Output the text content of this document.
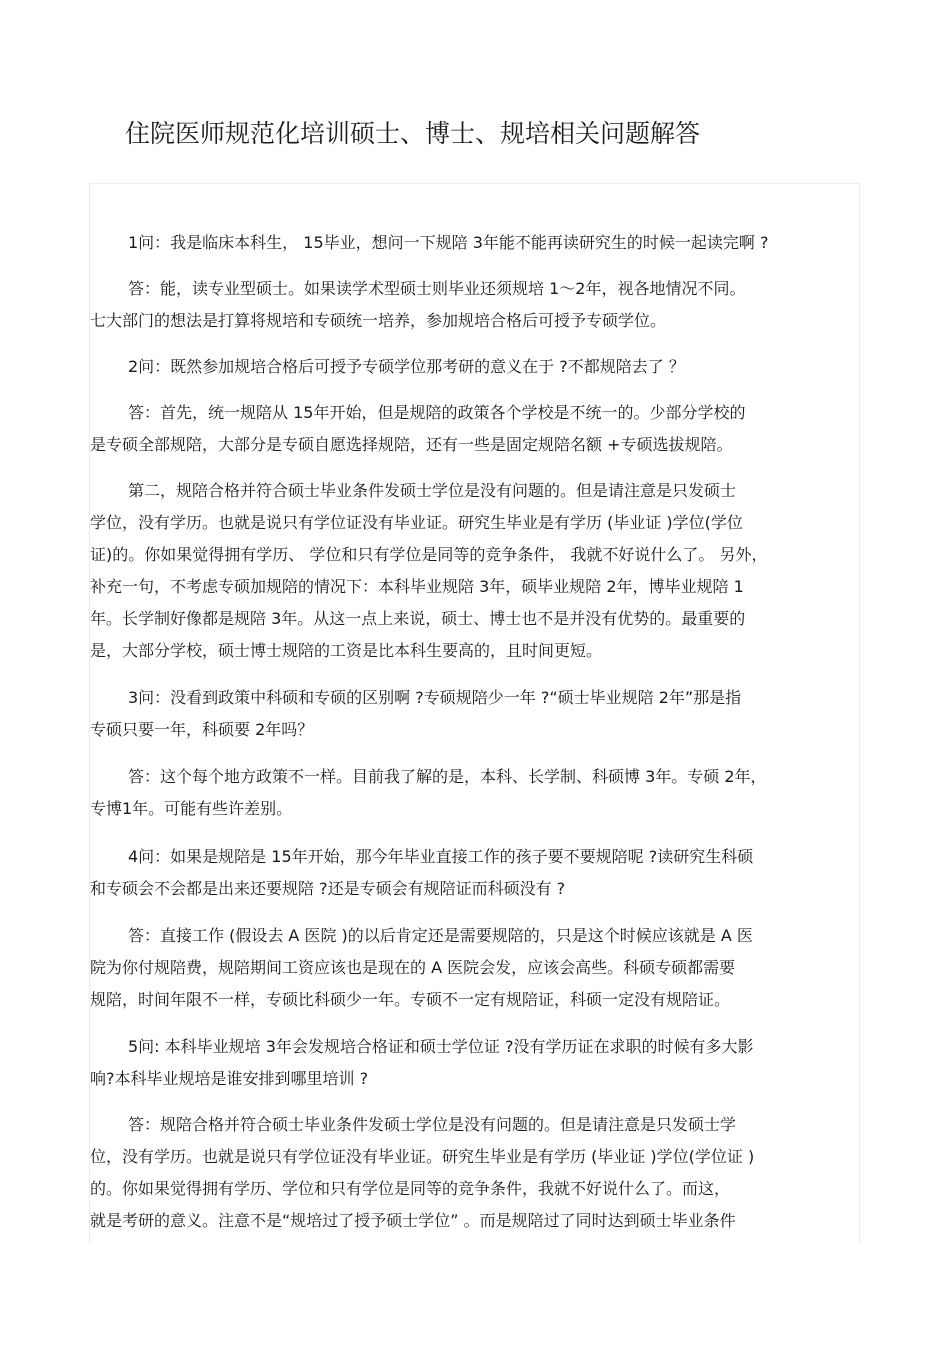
住院医师规范化培训硕士、博士、规培相关问题解答
1问：我是临床本科生， 15毕业，想问一下规陪 3年能不能再读研究生的时候一起读完啊 ?
答：能，读专业型硕士。如果读学术型硕士则毕业还须规培 1～2年，视各地情况不同。
七大部门的想法是打算将规培和专硕统一培养，参加规培合格后可授予专硕学位。
2问：既然参加规培合格后可授予专硕学位那考研的意义在于 ?不都规陪去了 ？
答：首先，统一规陪从 15年开始，但是规陪的政策各个学校是不统一的。少部分学校的
是专硕全部规陪，大部分是专硕自愿选择规陪，还有一些是固定规陪名额 +专硕选拔规陪。
第二，规陪合格并符合硕士毕业条件发硕士学位是没有问题的。但是请注意是只发硕士
学位，没有学历。也就是说只有学位证没有毕业证。研究生毕业是有学历 (毕业证 )学位(学位
证)的。你如果觉得拥有学历、 学位和只有学位是同等的竞争条件， 我就不好说什么了。 另外，
补充一句，不考虑专硕加规陪的情况下：本科毕业规陪 3年，硕毕业规陪 2年，博毕业规陪 1
年。长学制好像都是规陪 3年。从这一点上来说，硕士、博士也不是并没有优势的。最重要的
是，大部分学校，硕士博士规陪的工资是比本科生要高的，且时间更短。
3问：没看到政策中科硕和专硕的区别啊 ?专硕规陪少一年 ?“硕士毕业规陪 2年”那是指
专硕只要一年，科硕要 2年吗？
答：这个每个地方政策不一样。目前我了解的是，本科、长学制、科硕博 3年。专硕 2年，
专博1年。可能有些许差别。
4问：如果是规陪是 15年开始，那今年毕业直接工作的孩子要不要规陪呢 ?读研究生科硕
和专硕会不会都是出来还要规陪 ?还是专硕会有规陪证而科硕没有 ?
答：直接工作 (假设去 A 医院 )的以后肯定还是需要规陪的，只是这个时候应该就是 A 医
院为你付规陪费，规陪期间工资应该也是现在的 A 医院会发，应该会高些。科硕专硕都需要
规陪，时间年限不一样，专硕比科硕少一年。专硕不一定有规陪证，科硕一定没有规陪证。
5问: 本科毕业规培 3年会发规培合格证和硕士学位证 ?没有学历证在求职的时候有多大影
响?本科毕业规培是谁安排到哪里培训 ?
答：规陪合格并符合硕士毕业条件发硕士学位是没有问题的。但是请注意是只发硕士学
位，没有学历。也就是说只有学位证没有毕业证。研究生毕业是有学历 (毕业证 )学位(学位证 )
的。你如果觉得拥有学历、学位和只有学位是同等的竞争条件，我就不好说什么了。而这，
就是考研的意义。注意不是“规培过了授予硕士学位” 。而是规陪过了同时达到硕士毕业条件
